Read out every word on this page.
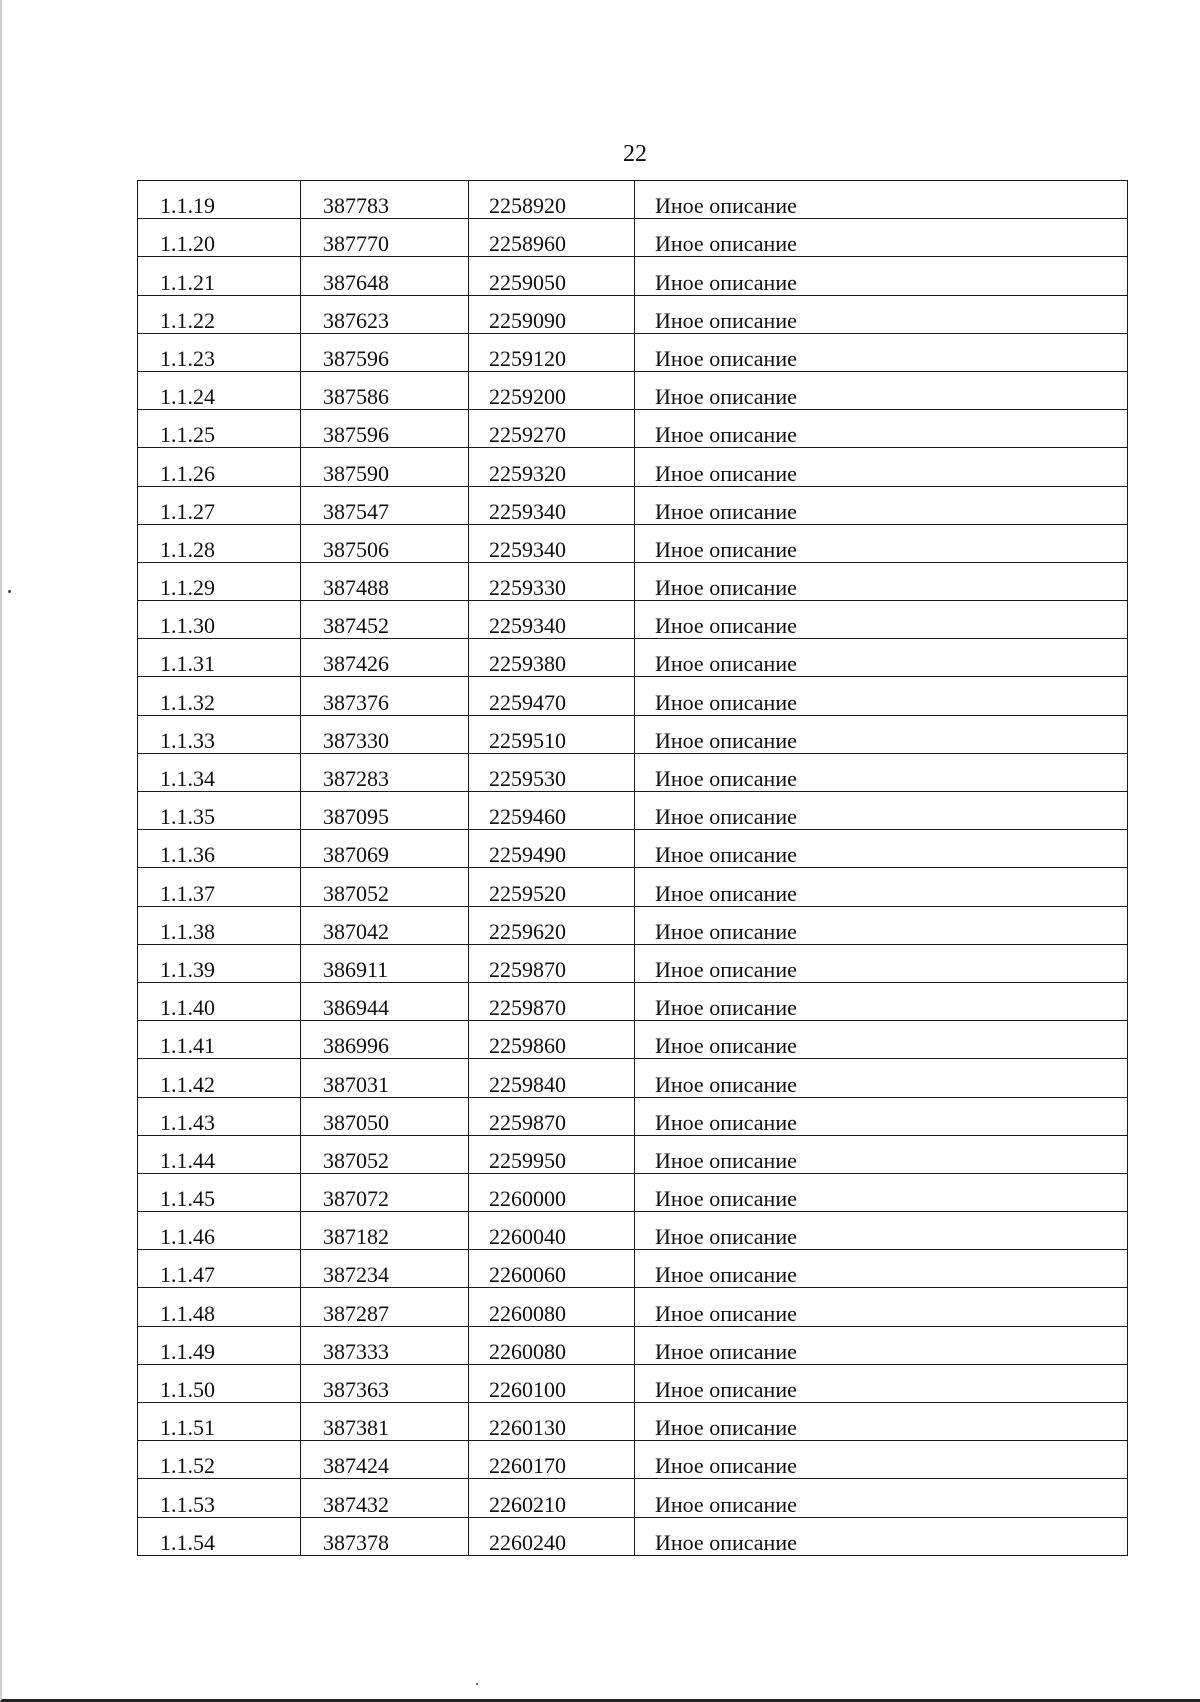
22
1.1.19	387783	2258920	Иное описание
1.1.20	387770	2258960	Иное описание
1.1.21	387648	2259050	Иное описание
1.1.22	387623	2259090	Иное описание
1.1.23	387596	2259120	Иное описание
1.1.24	387586	2259200	Иное описание
1.1.25	387596	2259270	Иное описание
1.1.26	387590	2259320	Иное описание
1.1.27	387547	2259340	Иное описание
1.1.28	387506	2259340	Иное описание
1.1.29	387488	2259330	Иное описание
1.1.30	387452	2259340	Иное описание
1.1.31	387426	2259380	Иное описание
1.1.32	387376	2259470	Иное описание
1.1.33	387330	2259510	Иное описание
1.1.34	387283	2259530	Иное описание
1.1.35	387095	2259460	Иное описание
1.1.36	387069	2259490	Иное описание
1.1.37	387052	2259520	Иное описание
1.1.38	387042	2259620	Иное описание
1.1.39	386911	2259870	Иное описание
1.1.40	386944	2259870	Иное описание
1.1.41	386996	2259860	Иное описание
1.1.42	387031	2259840	Иное описание
1.1.43	387050	2259870	Иное описание
1.1.44	387052	2259950	Иное описание
1.1.45	387072	2260000	Иное описание
1.1.46	387182	2260040	Иное описание
1.1.47	387234	2260060	Иное описание
1.1.48	387287	2260080	Иное описание
1.1.49	387333	2260080	Иное описание
1.1.50	387363	2260100	Иное описание
1.1.51	387381	2260130	Иное описание
1.1.52	387424	2260170	Иное описание
1.1.53	387432	2260210	Иное описание
1.1.54	387378	2260240	Иное описание
